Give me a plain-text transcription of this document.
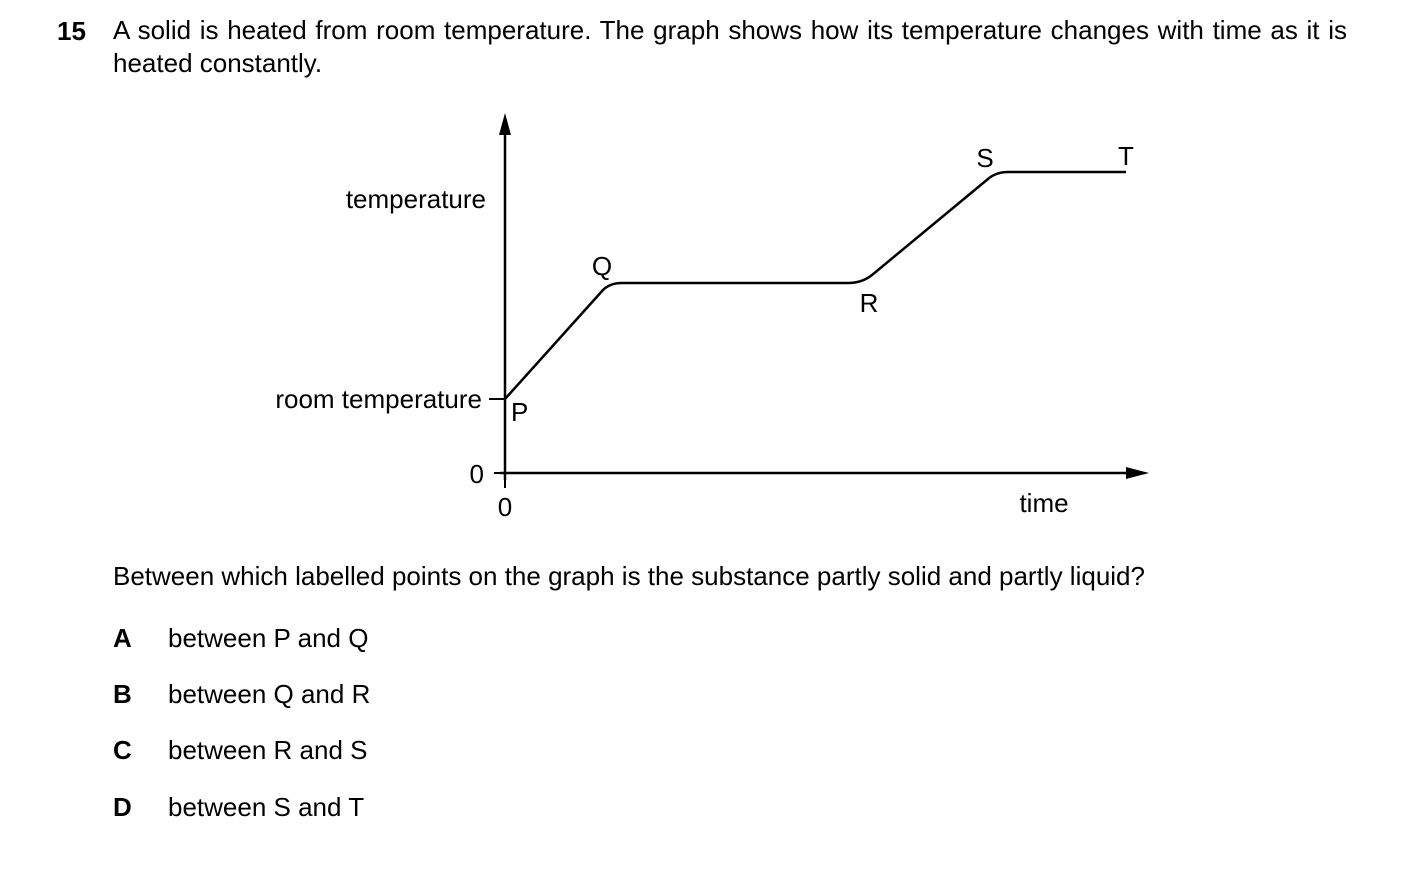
15 A solid is heated from room temperature. The graph shows how its temperature changes with time as it is heated constantly.
temperature
time
room temperature
0
0
P
Q
R
S	T
Between which labelled points on the graph is the substance partly solid and partly liquid?
A between P and Q
B between Q and R
C between R and S
D between S and T
